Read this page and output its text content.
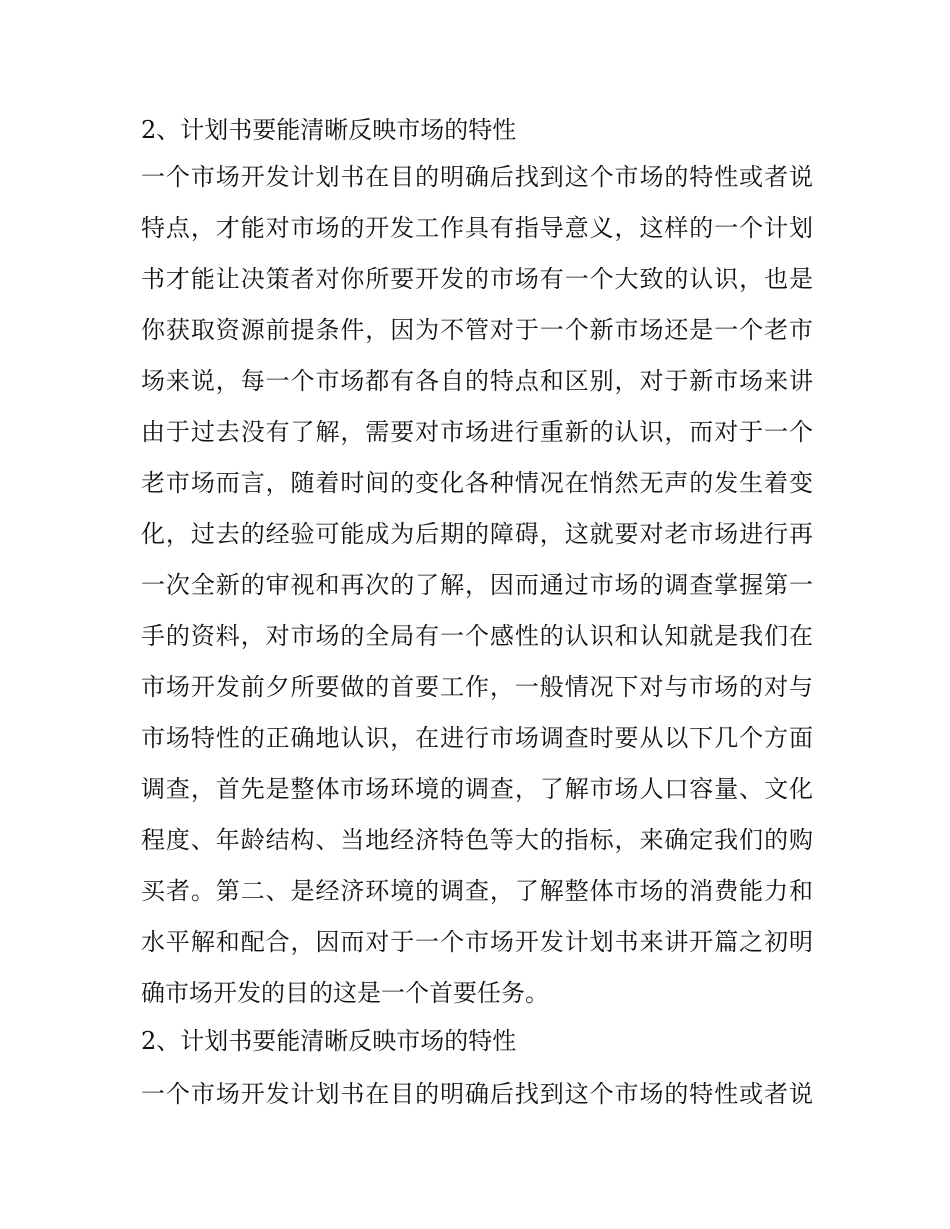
2、计划书要能清晰反映市场的特性
一个市场开发计划书在目的明确后找到这个市场的特性或者说
特点，才能对市场的开发工作具有指导意义，这样的一个计划
书才能让决策者对你所要开发的市场有一个大致的认识，也是
你获取资源前提条件，因为不管对于一个新市场还是一个老市
场来说，每一个市场都有各自的特点和区别，对于新市场来讲
由于过去没有了解，需要对市场进行重新的认识，而对于一个
老市场而言，随着时间的变化各种情况在悄然无声的发生着变
化，过去的经验可能成为后期的障碍，这就要对老市场进行再
一次全新的审视和再次的了解，因而通过市场的调查掌握第一
手的资料，对市场的全局有一个感性的认识和认知就是我们在
市场开发前夕所要做的首要工作，一般情况下对与市场的对与
市场特性的正确地认识，在进行市场调查时要从以下几个方面
调查，首先是整体市场环境的调查，了解市场人口容量、文化
程度、年龄结构、当地经济特色等大的指标，来确定我们的购
买者。第二、是经济环境的调查，了解整体市场的消费能力和
水平解和配合，因而对于一个市场开发计划书来讲开篇之初明
确市场开发的目的这是一个首要任务。
2、计划书要能清晰反映市场的特性
一个市场开发计划书在目的明确后找到这个市场的特性或者说
